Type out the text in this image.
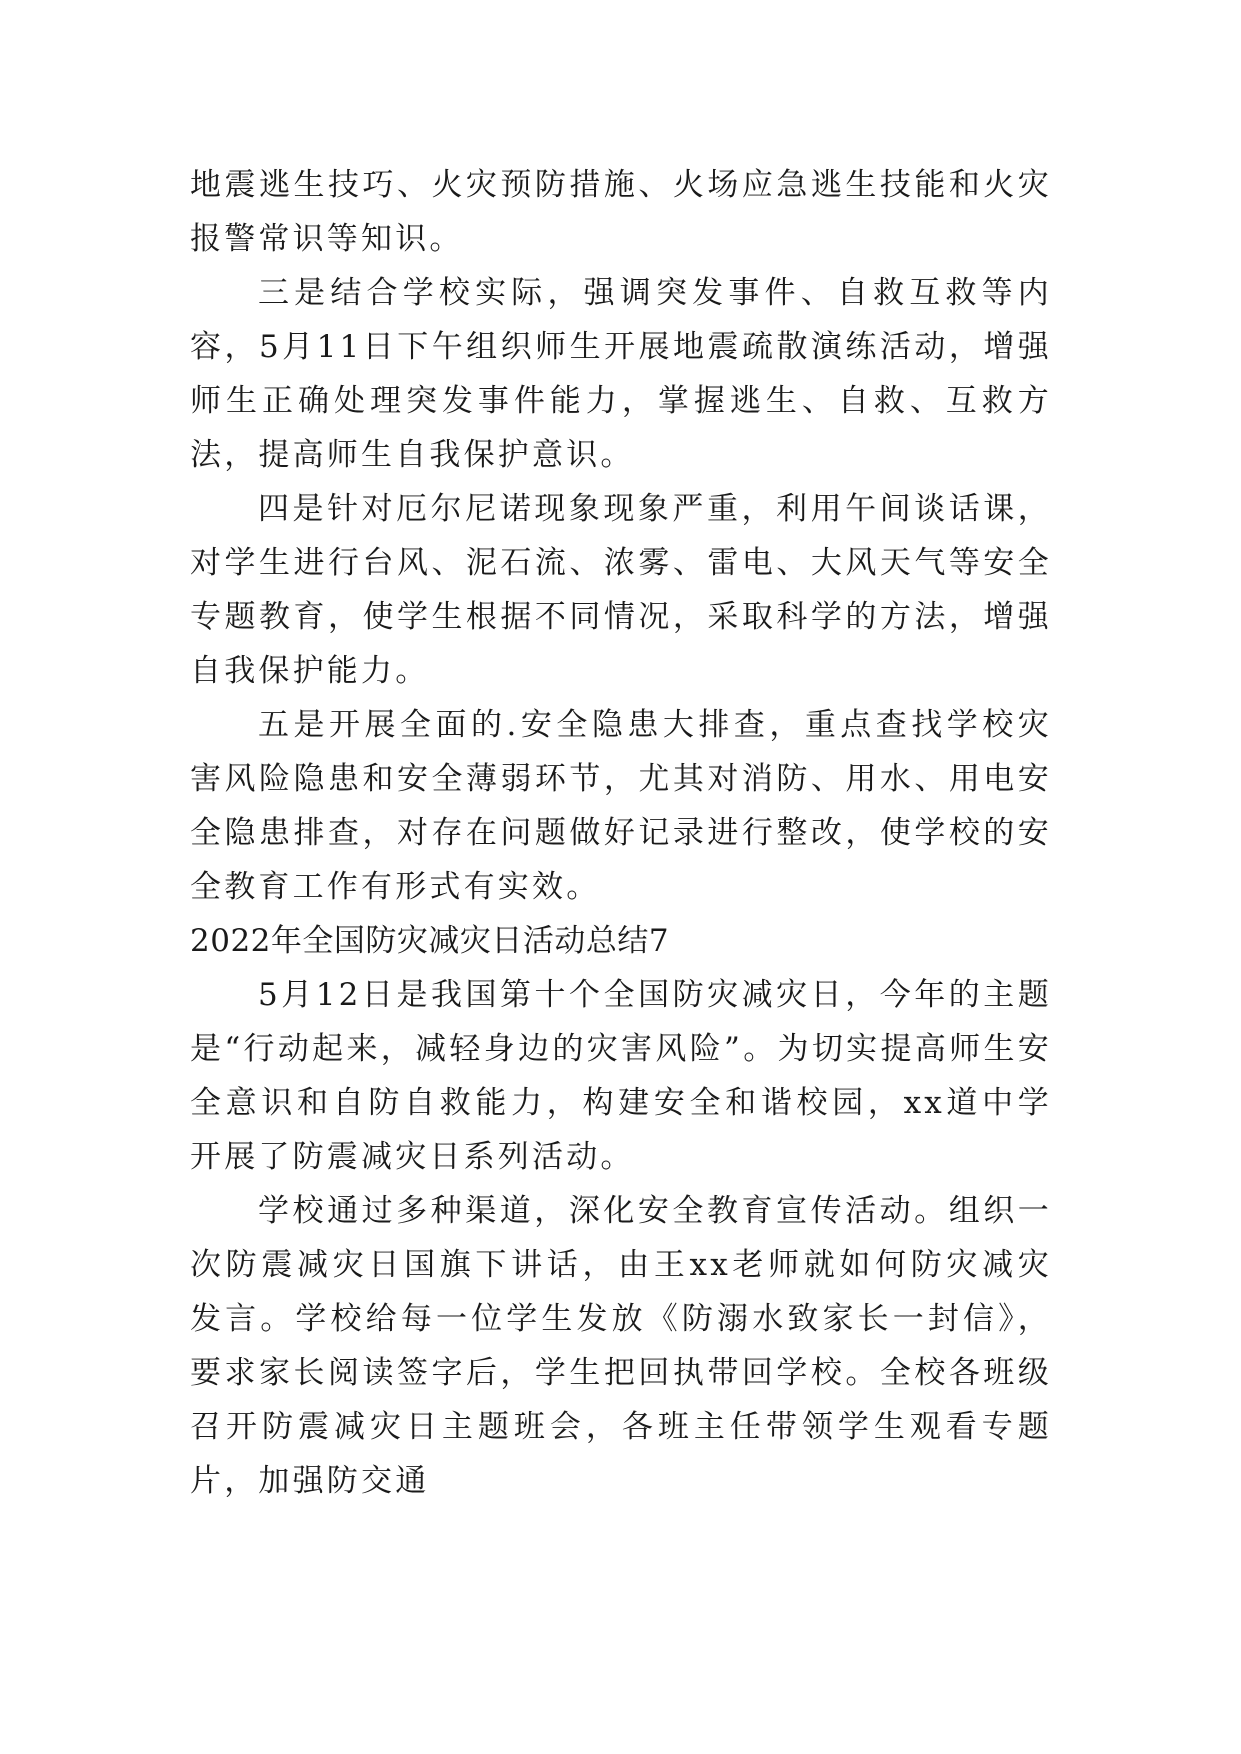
地震逃生技巧、火灾预防措施、火场应急逃生技能和火灾报警常识等知识。

三是结合学校实际，强调突发事件、自救互救等内容，5月11日下午组织师生开展地震疏散演练活动，增强师生正确处理突发事件能力，掌握逃生、自救、互救方法，提高师生自我保护意识。

四是针对厄尔尼诺现象现象严重，利用午间谈话课，对学生进行台风、泥石流、浓雾、雷电、大风天气等安全专题教育，使学生根据不同情况，采取科学的方法，增强自我保护能力。

五是开展全面的.安全隐患大排查，重点查找学校灾害风险隐患和安全薄弱环节，尤其对消防、用水、用电安全隐患排查，对存在问题做好记录进行整改，使学校的安全教育工作有形式有实效。

2022年全国防灾减灾日活动总结7

5月12日是我国第十个全国防灾减灾日，今年的主题是“行动起来，减轻身边的灾害风险”。为切实提高师生安全意识和自防自救能力，构建安全和谐校园，xx道中学开展了防震减灾日系列活动。

学校通过多种渠道，深化安全教育宣传活动。组织一次防震减灾日国旗下讲话，由王xx老师就如何防灾减灾发言。学校给每一位学生发放《防溺水致家长一封信》，要求家长阅读签字后，学生把回执带回学校。全校各班级召开防震减灾日主题班会，各班主任带领学生观看专题片，加强防交通
